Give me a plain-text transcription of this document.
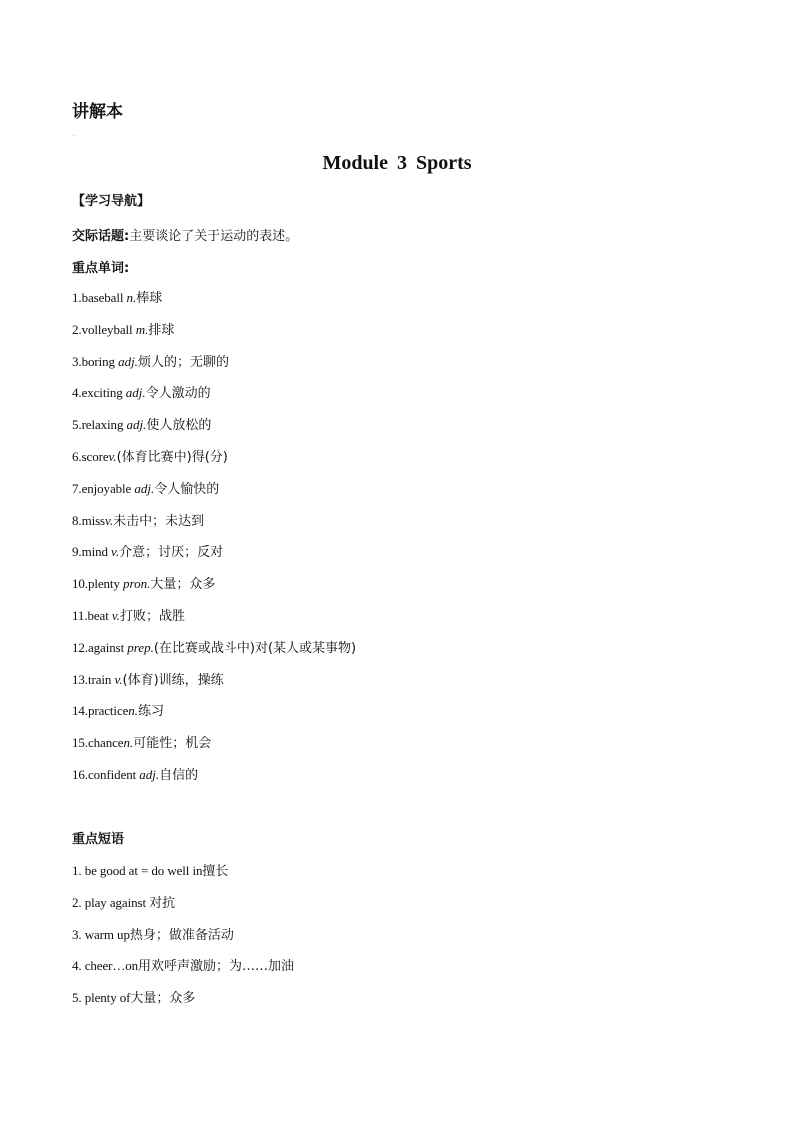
讲解本
,
Module 3 Sports
【学习导航】
交际话题:主要谈论了关于运动的表述。
重点单词:
1.baseball n.棒球
2.volleyball m.排球
3.boring adj.烦人的；无聊的
4.exciting adj.令人激动的
5.relaxing adj.使人放松的
6.scorev.(体育比赛中)得(分)
7.enjoyable adj.令人愉快的
8.missv.未击中；未达到
9.mind v.介意；讨厌；反对
10.plenty pron.大量；众多
11.beat v.打败；战胜
12.against prep.(在比赛或战斗中)对(某人或某事物)
13.train v.(体育)训练，操练
14.practicen.练习
15.chancen.可能性；机会
16.confident adj.自信的
重点短语
1. be good at = do well in擅长
2. play against 对抗
3. warm up热身；做准备活动
4. cheer…on用欢呼声激励；为……加油
5. plenty of大量；众多
